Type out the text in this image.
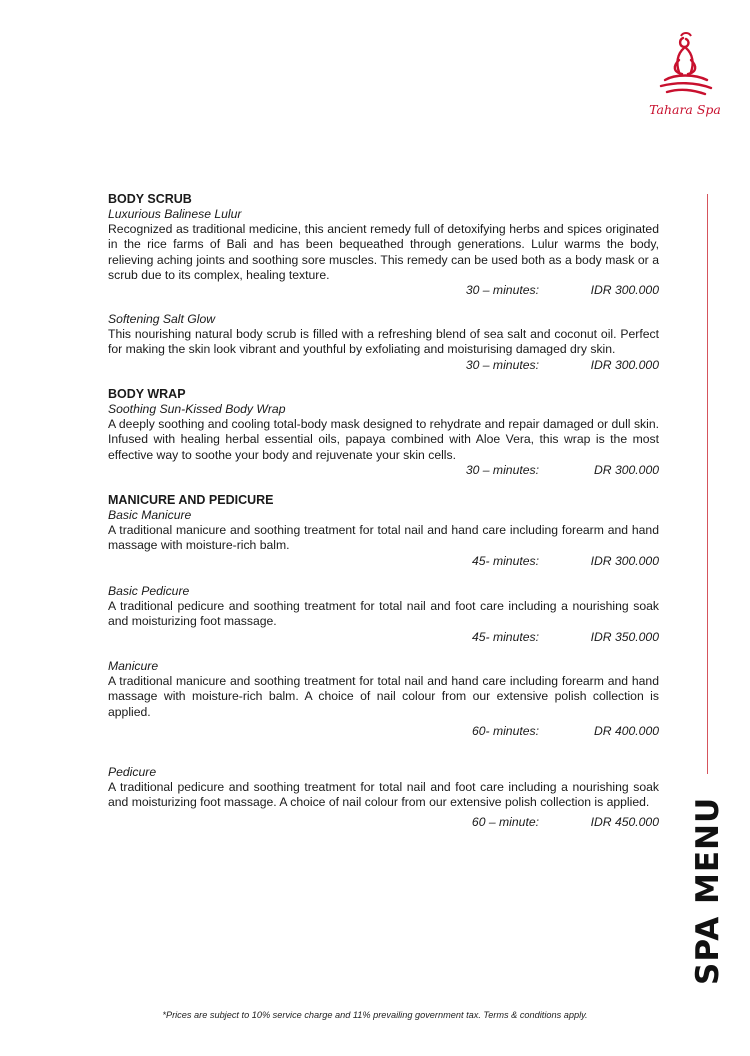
Tahara Spa
SPA MENU
BODY SCRUB
Luxurious Balinese Lulur
Recognized as traditional medicine, this ancient remedy full of detoxifying herbs and spices originated in the rice farms of Bali and has been bequeathed through generations. Lulur warms the body, relieving aching joints and soothing sore muscles. This remedy can be used both as a body mask or a scrub due to its complex, healing texture.
30 – minutes:	IDR 300.000
Softening Salt Glow
This nourishing natural body scrub is filled with a refreshing blend of sea salt and coconut oil. Perfect for making the skin look vibrant and youthful by exfoliating and moisturising damaged dry skin.
30 – minutes:	IDR 300.000
BODY WRAP
Soothing Sun-Kissed Body Wrap
A deeply soothing and cooling total-body mask designed to rehydrate and repair damaged or dull skin. Infused with healing herbal essential oils, papaya combined with Aloe Vera, this wrap is the most effective way to soothe your body and rejuvenate your skin cells.
30 – minutes:	DR 300.000
MANICURE AND PEDICURE
Basic Manicure
A traditional manicure and soothing treatment for total nail and hand care including forearm and hand massage with moisture-rich balm.
45- minutes:	IDR 300.000
Basic Pedicure
A traditional pedicure and soothing treatment for total nail and foot care including a nourishing soak and moisturizing foot massage.
45- minutes:	IDR 350.000
Manicure
A traditional manicure and soothing treatment for total nail and hand care including forearm and hand massage with moisture-rich balm. A choice of nail colour from our extensive polish collection is applied.
60- minutes:	DR 400.000
Pedicure
A traditional pedicure and soothing treatment for total nail and foot care including a nourishing soak and moisturizing foot massage. A choice of nail colour from our extensive polish collection is applied.
60 – minute:	IDR 450.000
*Prices are subject to 10% service charge and 11% prevailing government tax. Terms & conditions apply.
